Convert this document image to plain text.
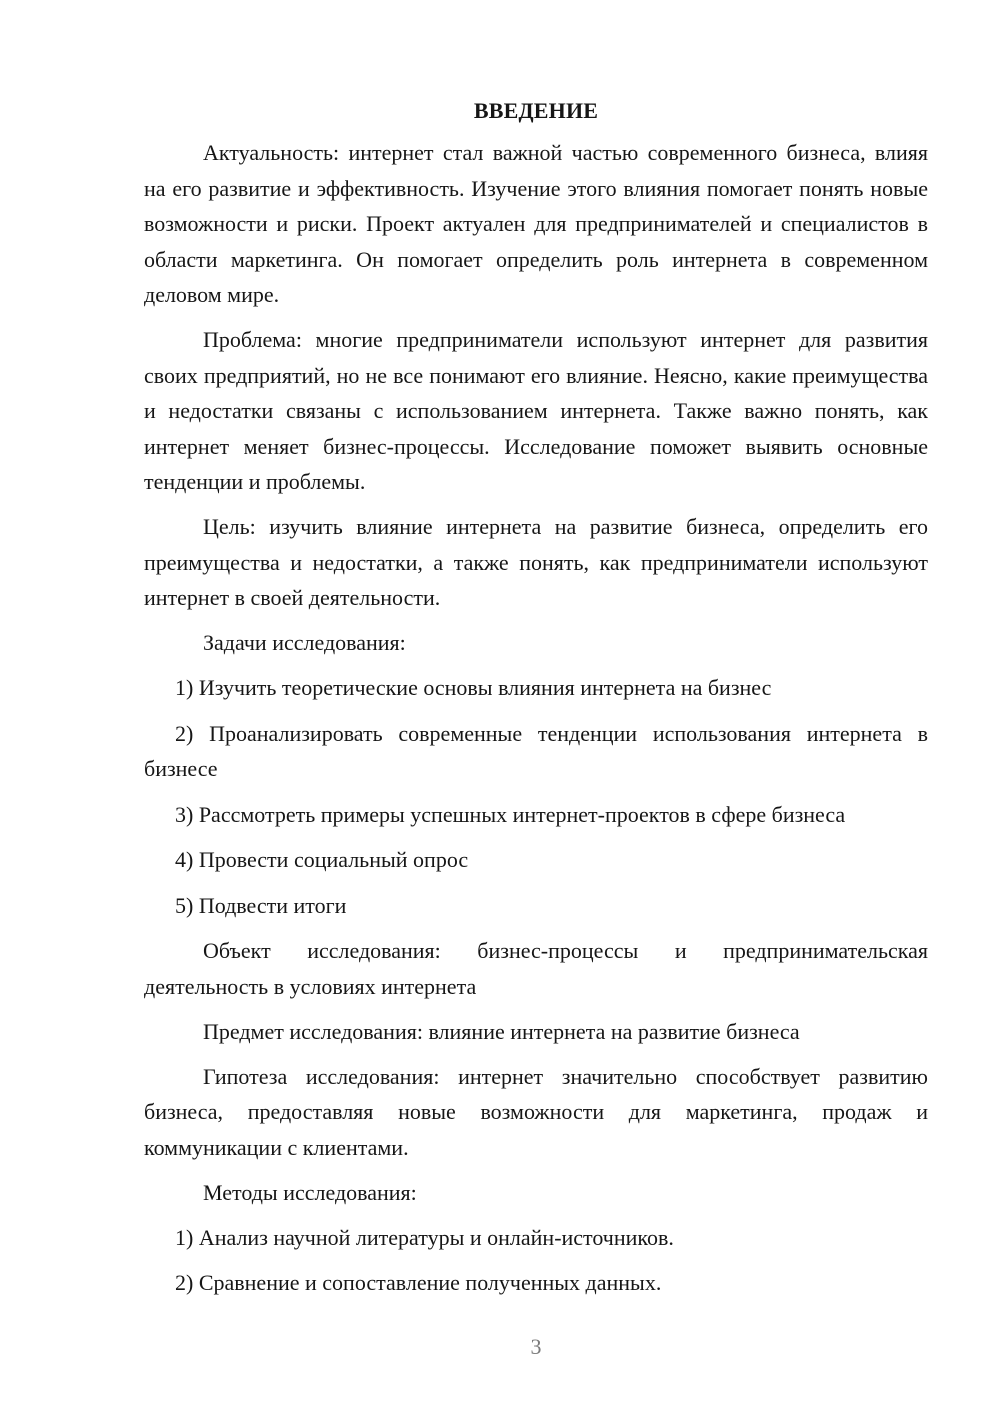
ВВЕДЕНИЕ

Актуальность: интернет стал важной частью современного бизнеса, влияя на его развитие и эффективность. Изучение этого влияния помогает понять новые возможности и риски. Проект актуален для предпринимателей и специалистов в области маркетинга. Он помогает определить роль интернета в современном деловом мире.

Проблема: многие предприниматели используют интернет для развития своих предприятий, но не все понимают его влияние. Неясно, какие преимущества и недостатки связаны с использованием интернета. Также важно понять, как интернет меняет бизнес-процессы. Исследование поможет выявить основные тенденции и проблемы.

Цель: изучить влияние интернета на развитие бизнеса, определить его преимущества и недостатки, а также понять, как предприниматели используют интернет в своей деятельности.

Задачи исследования:

1) Изучить теоретические основы влияния интернета на бизнес

2) Проанализировать современные тенденции использования интернета в бизнесе

3) Рассмотреть примеры успешных интернет-проектов в сфере бизнеса

4) Провести социальный опрос

5) Подвести итоги

Объект исследования: бизнес-процессы и предпринимательская деятельность в условиях интернета

Предмет исследования: влияние интернета на развитие бизнеса

Гипотеза исследования: интернет значительно способствует развитию бизнеса, предоставляя новые возможности для маркетинга, продаж и коммуникации с клиентами.

Методы исследования:

1) Анализ научной литературы и онлайн-источников.

2) Сравнение и сопоставление полученных данных.

3
